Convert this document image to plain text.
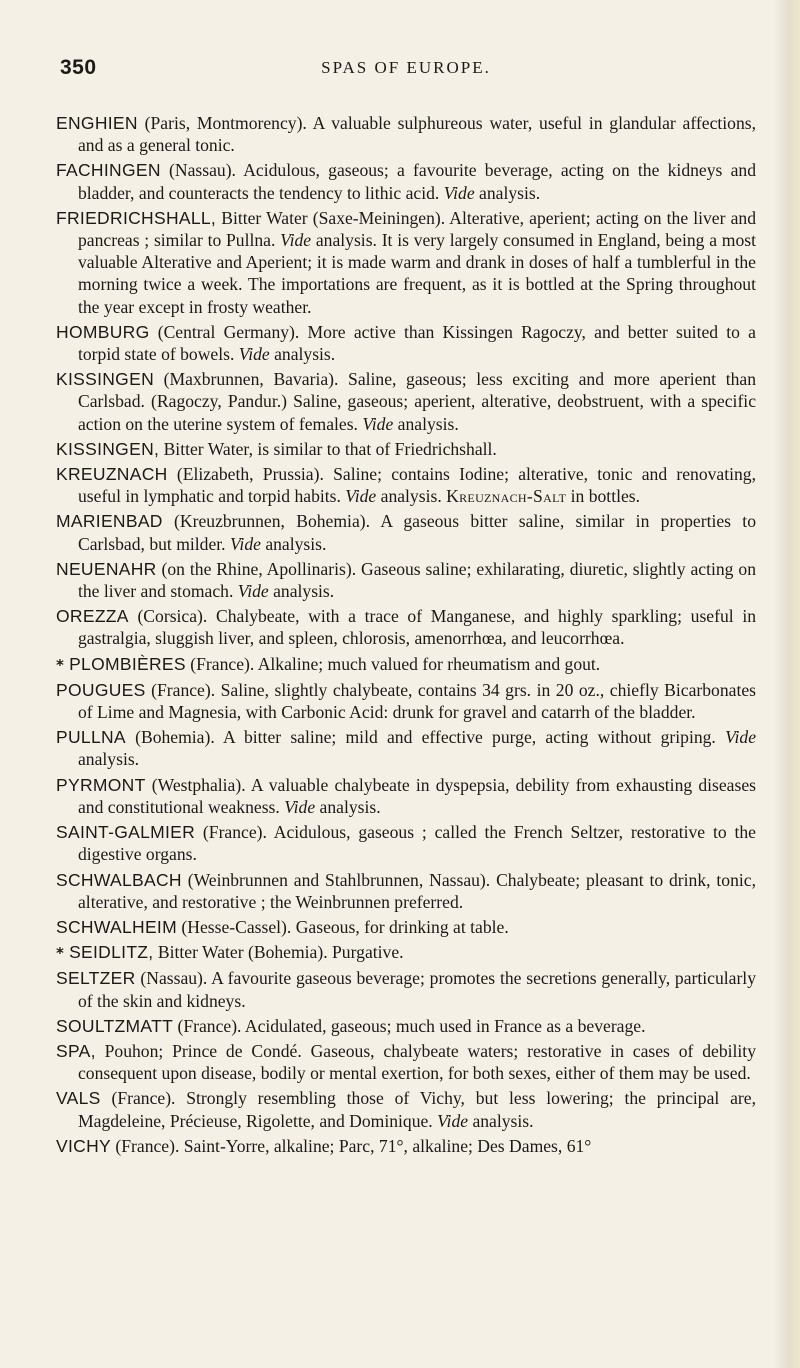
350	SPAS OF EUROPE.

ENGHIEN (Paris, Montmorency). A valuable sulphureous water, useful in glandular affections, and as a general tonic.

FACHINGEN (Nassau). Acidulous, gaseous; a favourite beverage, acting on the kidneys and bladder, and counteracts the tendency to lithic acid. Vide analysis.

FRIEDRICHSHALL, Bitter Water (Saxe-Meiningen). Alterative, aperient; acting on the liver and pancreas ; similar to Pullna. Vide analysis. It is very largely consumed in England, being a most valuable Alterative and Aperient; it is made warm and drank in doses of half a tumblerful in the morning twice a week. The importations are frequent, as it is bottled at the Spring throughout the year except in frosty weather.

HOMBURG (Central Germany). More active than Kissingen Ragoczy, and better suited to a torpid state of bowels. Vide analysis.

KISSINGEN (Maxbrunnen, Bavaria). Saline, gaseous; less exciting and more aperient than Carlsbad. (Ragoczy, Pandur.) Saline, gaseous; aperient, alterative, deobstruent, with a specific action on the uterine system of females. Vide analysis.

KISSINGEN, Bitter Water, is similar to that of Friedrichshall.

KREUZNACH (Elizabeth, Prussia). Saline; contains Iodine; alterative, tonic and renovating, useful in lymphatic and torpid habits. Vide analysis. Kreuznach-Salt in bottles.

MARIENBAD (Kreuzbrunnen, Bohemia). A gaseous bitter saline, similar in properties to Carlsbad, but milder. Vide analysis.

NEUENAHR (on the Rhine, Apollinaris). Gaseous saline; exhilarating, diuretic, slightly acting on the liver and stomach. Vide analysis.

OREZZA (Corsica). Chalybeate, with a trace of Manganese, and highly sparkling; useful in gastralgia, sluggish liver, and spleen, chlorosis, amenorrhœa, and leucorrhœa.

* PLOMBIÈRES (France). Alkaline; much valued for rheumatism and gout.

POUGUES (France). Saline, slightly chalybeate, contains 34 grs. in 20 oz., chiefly Bicarbonates of Lime and Magnesia, with Carbonic Acid: drunk for gravel and catarrh of the bladder.

PULLNA (Bohemia). A bitter saline; mild and effective purge, acting without griping. Vide analysis.

PYRMONT (Westphalia). A valuable chalybeate in dyspepsia, debility from exhausting diseases and constitutional weakness. Vide analysis.

SAINT-GALMIER (France). Acidulous, gaseous ; called the French Seltzer, restorative to the digestive organs.

SCHWALBACH (Weinbrunnen and Stahlbrunnen, Nassau). Chalybeate; pleasant to drink, tonic, alterative, and restorative ; the Weinbrunnen preferred.

SCHWALHEIM (Hesse-Cassel). Gaseous, for drinking at table.

* SEIDLITZ, Bitter Water (Bohemia). Purgative.

SELTZER (Nassau). A favourite gaseous beverage; promotes the secretions generally, particularly of the skin and kidneys.

SOULTZMATT (France). Acidulated, gaseous; much used in France as a beverage.

SPA, Pouhon; Prince de Condé. Gaseous, chalybeate waters; restorative in cases of debility consequent upon disease, bodily or mental exertion, for both sexes, either of them may be used.

VALS (France). Strongly resembling those of Vichy, but less lowering; the principal are, Magdeleine, Précieuse, Rigolette, and Dominique. Vide analysis.

VICHY (France). Saint-Yorre, alkaline; Parc, 71°, alkaline; Des Dames, 61°
